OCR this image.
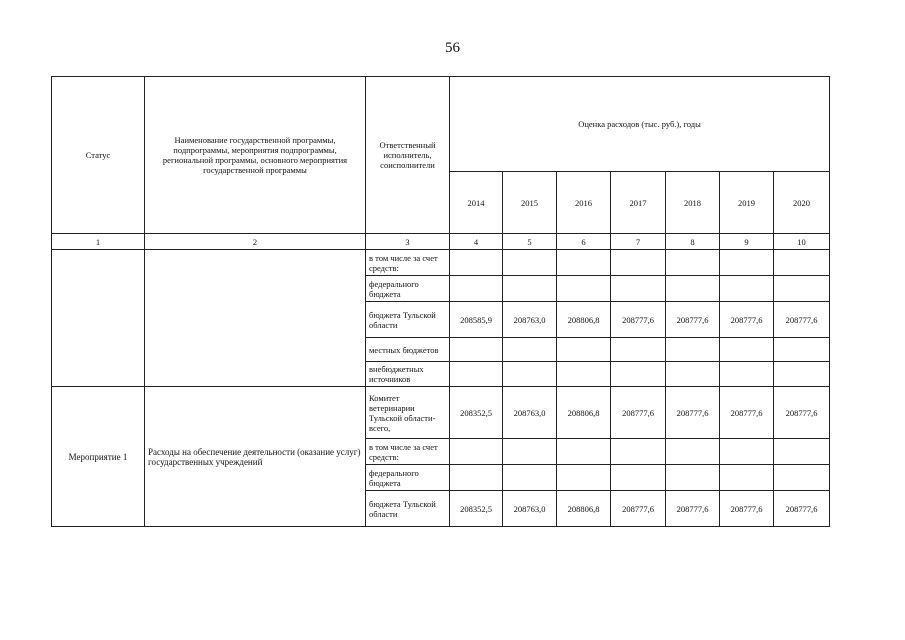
56
Статус	Наименование государственной программы, подпрограммы, мероприятия подпрограммы, региональной программы, основного мероприятия государственной программы	Ответственный исполнитель, соисполнители	Оценка расходов (тыс. руб.), годы						
			2014	2015	2016	2017	2018	2019	2020
1	2	3	4	5	6	7	8	9	10
		в том числе за счет средств:							
		федерального бюджета							
		бюджета Тульской области	208585,9	208763,0	208806,8	208777,6	208777,6	208777,6	208777,6
		местных бюджетов							
		внебюджетных источников							
Мероприятие 1	Расходы на обеспечение деятельности (оказание услуг) государственных учреждений	Комитет ветеринарии Тульской области- всего,	208352,5	208763,0	208806,8	208777,6	208777,6	208777,6	208777,6
		в том числе за счет средств:							
		федерального бюджета							
		бюджета Тульской области	208352,5	208763,0	208806,8	208777,6	208777,6	208777,6	208777,6
